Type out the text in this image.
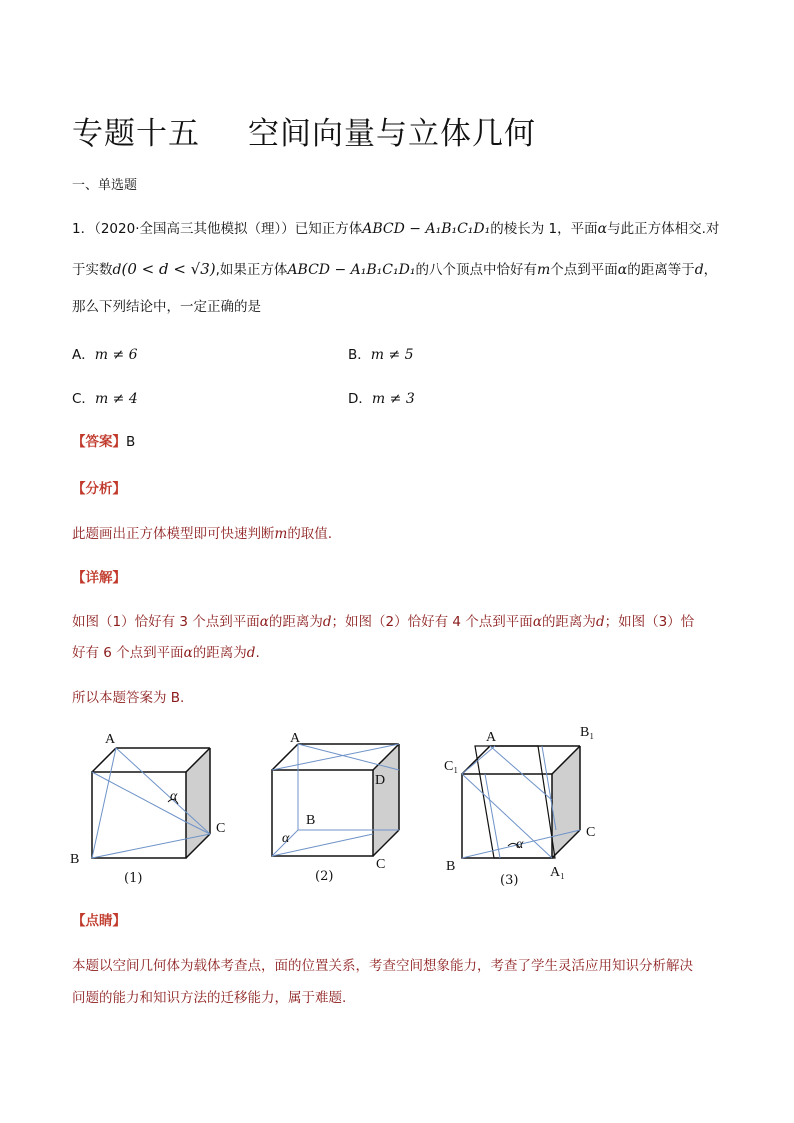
专题十五 空间向量与立体几何
一、单选题
1．（2020·全国高三其他模拟（理））已知正方体ABCD − A₁B₁C₁D₁的棱长为 1，平面α与此正方体相交.对
于实数d(0 < d < √3),如果正方体ABCD − A₁B₁C₁D₁的八个顶点中恰好有m个点到平面α的距离等于d，
那么下列结论中，一定正确的是
A．m ≠ 6	B．m ≠ 5
C．m ≠ 4	D．m ≠ 3
【答案】B
【分析】
此题画出正方体模型即可快速判断m的取值.
【详解】
如图（1）恰好有 3 个点到平面α的距离为d；如图（2）恰好有 4 个点到平面α的距离为d；如图（3）恰
好有 6 个点到平面α的距离为d.
所以本题答案为 B.
A
B
C
α
(1)
A
B
C
D
α
(2)
A	B₁
C₁
B
C
A₁
α
(3)
【点睛】
本题以空间几何体为载体考查点，面的位置关系，考查空间想象能力，考查了学生灵活应用知识分析解决
问题的能力和知识方法的迁移能力，属于难题.
